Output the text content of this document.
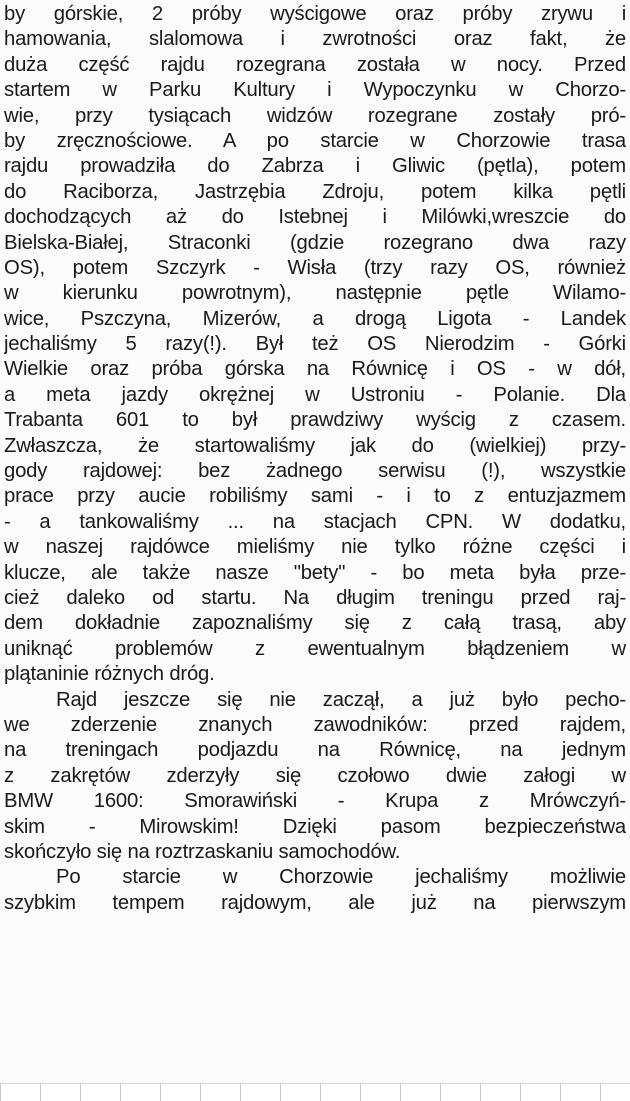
by górskie, 2 próby wyścigowe oraz próby zrywu i
hamowania, slalomowa i zwrotności oraz fakt, że
duża część rajdu rozegrana została w nocy. Przed
startem w Parku Kultury i Wypoczynku w Chorzo-
wie, przy tysiącach widzów rozegrane zostały pró-
by zręcznościowe. A po starcie w Chorzowie trasa
rajdu prowadziła do Zabrza i Gliwic (pętla), potem
do Raciborza, Jastrzębia Zdroju, potem kilka pętli
dochodzących aż do Istebnej i Milówki,wreszcie do
Bielska-Białej, Straconki (gdzie rozegrano dwa razy
OS), potem Szczyrk - Wisła (trzy razy OS, również
w kierunku powrotnym), następnie pętle Wilamo-
wice, Pszczyna, Mizerów, a drogą Ligota - Landek
jechaliśmy 5 razy(!). Był też OS Nierodzim - Górki
Wielkie oraz próba górska na Równicę i OS - w dół,
a meta jazdy okrężnej w Ustroniu - Polanie. Dla
Trabanta 601 to był prawdziwy wyścig z czasem.
Zwłaszcza, że startowaliśmy jak do (wielkiej) przy-
gody rajdowej: bez żadnego serwisu (!), wszystkie
prace przy aucie robiliśmy sami - i to z entuzjazmem
- a tankowaliśmy ... na stacjach CPN. W dodatku,
w naszej rajdówce mieliśmy nie tylko różne części i
klucze, ale także nasze "bety" - bo meta była prze-
cież daleko od startu. Na długim treningu przed raj-
dem dokładnie zapoznaliśmy się z całą trasą, aby
uniknąć problemów z ewentualnym błądzeniem w
plątaninie różnych dróg.
Rajd jeszcze się nie zaczął, a już było pecho-
we zderzenie znanych zawodników: przed rajdem,
na treningach podjazdu na Równicę, na jednym
z zakrętów zderzyły się czołowo dwie załogi w
BMW 1600: Smorawiński - Krupa z Mrówczyń-
skim - Mirowskim! Dzięki pasom bezpieczeństwa
skończyło się na roztrzaskaniu samochodów.
Po starcie w Chorzowie jechaliśmy możliwie
szybkim tempem rajdowym, ale już na pierwszym
